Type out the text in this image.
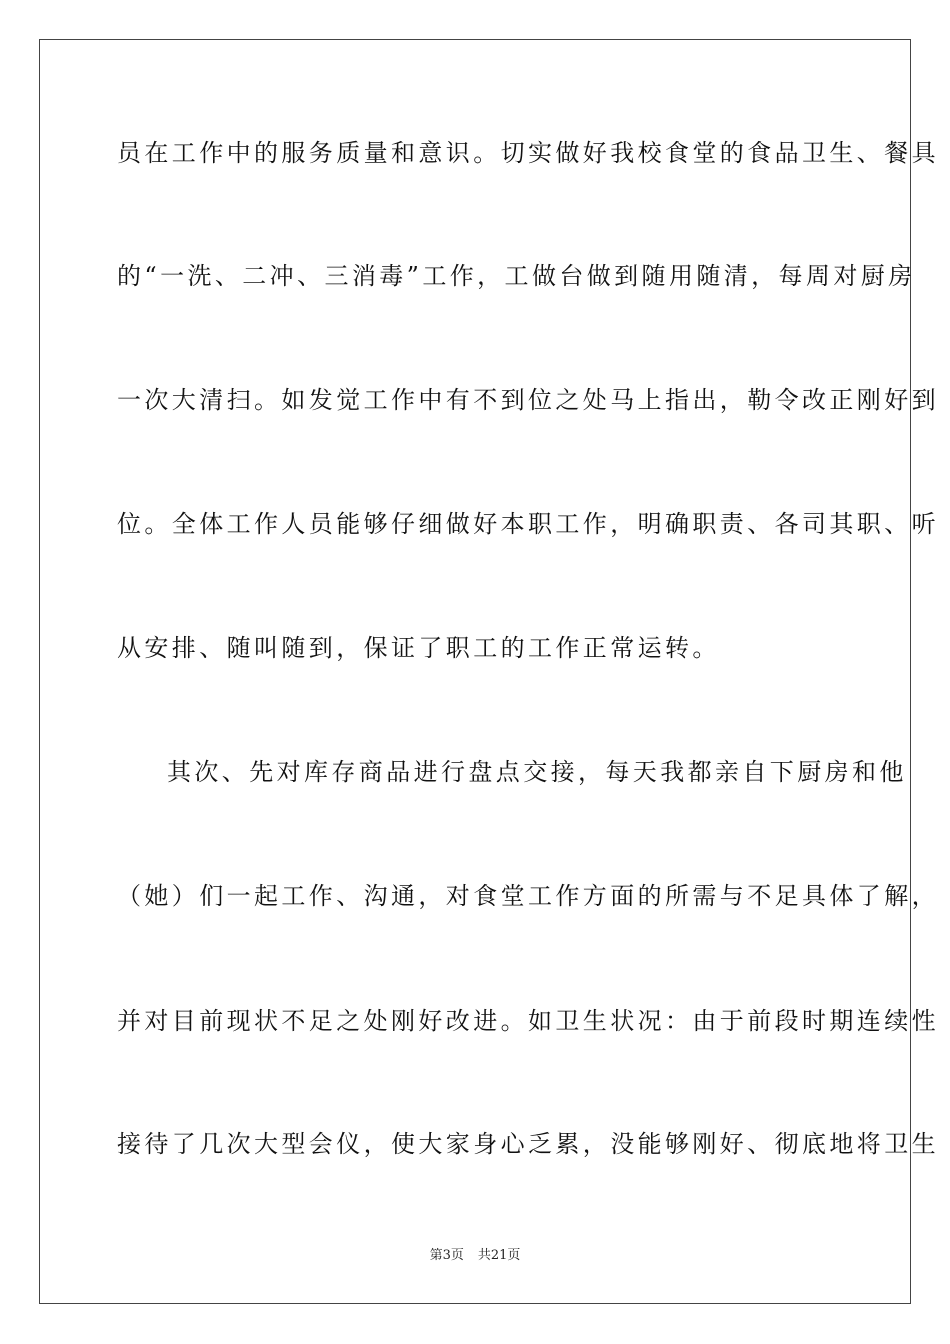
员在工作中的服务质量和意识。切实做好我校食堂的食品卫生、餐具
的“一洗、二冲、三消毒”工作，工做台做到随用随清，每周对厨房
一次大清扫。如发觉工作中有不到位之处马上指出，勒令改正刚好到
位。全体工作人员能够仔细做好本职工作，明确职责、各司其职、听
从安排、随叫随到，保证了职工的工作正常运转。
其次、先对库存商品进行盘点交接，每天我都亲自下厨房和他
（她）们一起工作、沟通，对食堂工作方面的所需与不足具体了解，
并对目前现状不足之处刚好改进。如卫生状况：由于前段时期连续性
接待了几次大型会仪，使大家身心乏累，没能够刚好、彻底地将卫生
第3页 共21页
